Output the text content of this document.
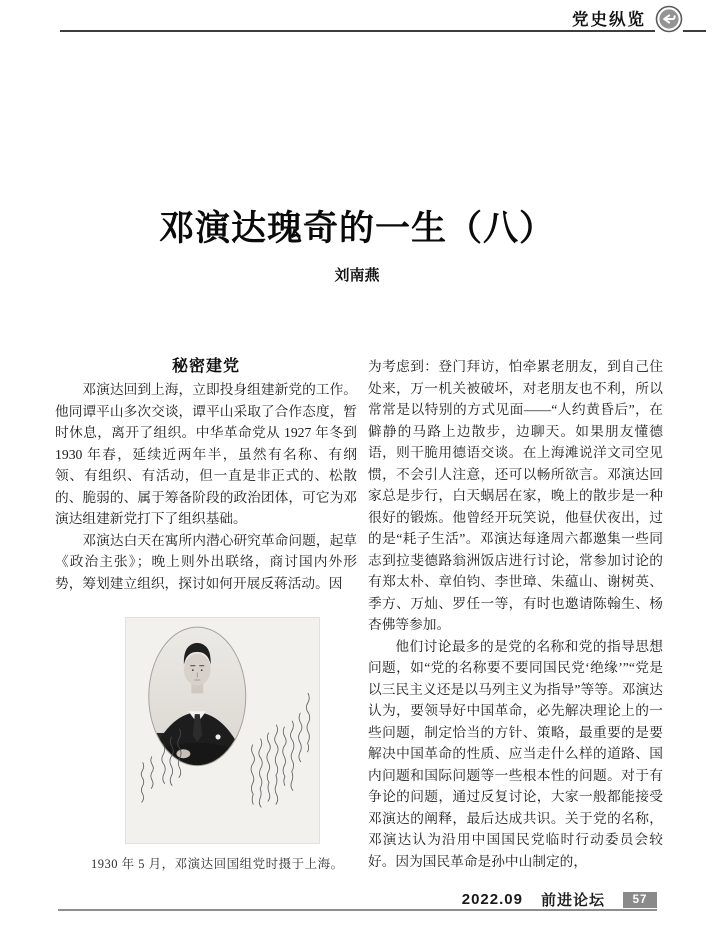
党史纵览
邓演达瑰奇的一生（八）
刘南燕
秘密建党

邓演达回到上海，立即投身组建新党的工作。他同谭平山多次交谈，谭平山采取了合作态度，暂时休息，离开了组织。中华革命党从 1927 年冬到 1930 年春，延续近两年半，虽然有名称、有纲领、有组织、有活动，但一直是非正式的、松散的、脆弱的、属于筹备阶段的政治团体，可它为邓演达组建新党打下了组织基础。

邓演达白天在寓所内潜心研究革命问题，起草《政治主张》；晚上则外出联络，商讨国内外形势，筹划建立组织，探讨如何开展反蒋活动。因

1930 年 5 月，邓演达回国组党时摄于上海。

为考虑到：登门拜访，怕牵累老朋友，到自己住处来，万一机关被破坏，对老朋友也不利，所以常常是以特别的方式见面——“人约黄昏后”，在僻静的马路上边散步，边聊天。如果朋友懂德语，则干脆用德语交谈。在上海滩说洋文司空见惯，不会引人注意，还可以畅所欲言。邓演达回家总是步行，白天蜗居在家，晚上的散步是一种很好的锻炼。他曾经开玩笑说，他昼伏夜出，过的是“耗子生活”。邓演达每逢周六都邀集一些同志到拉斐德路翁洲饭店进行讨论，常参加讨论的有郑太朴、章伯钧、李世璋、朱蕴山、谢树英、季方、万灿、罗任一等，有时也邀请陈翰生、杨杏佛等参加。

他们讨论最多的是党的名称和党的指导思想问题，如“党的名称要不要同国民党‘绝缘’”“党是以三民主义还是以马列主义为指导”等等。邓演达认为，要领导好中国革命，必先解决理论上的一些问题，制定恰当的方针、策略，最重要的是要解决中国革命的性质、应当走什么样的道路、国内问题和国际问题等一些根本性的问题。对于有争论的问题，通过反复讨论，大家一般都能接受邓演达的阐释，最后达成共识。关于党的名称，邓演达认为沿用中国国民党临时行动委员会较好。因为国民革命是孙中山制定的，

2022.09 前进论坛	57
